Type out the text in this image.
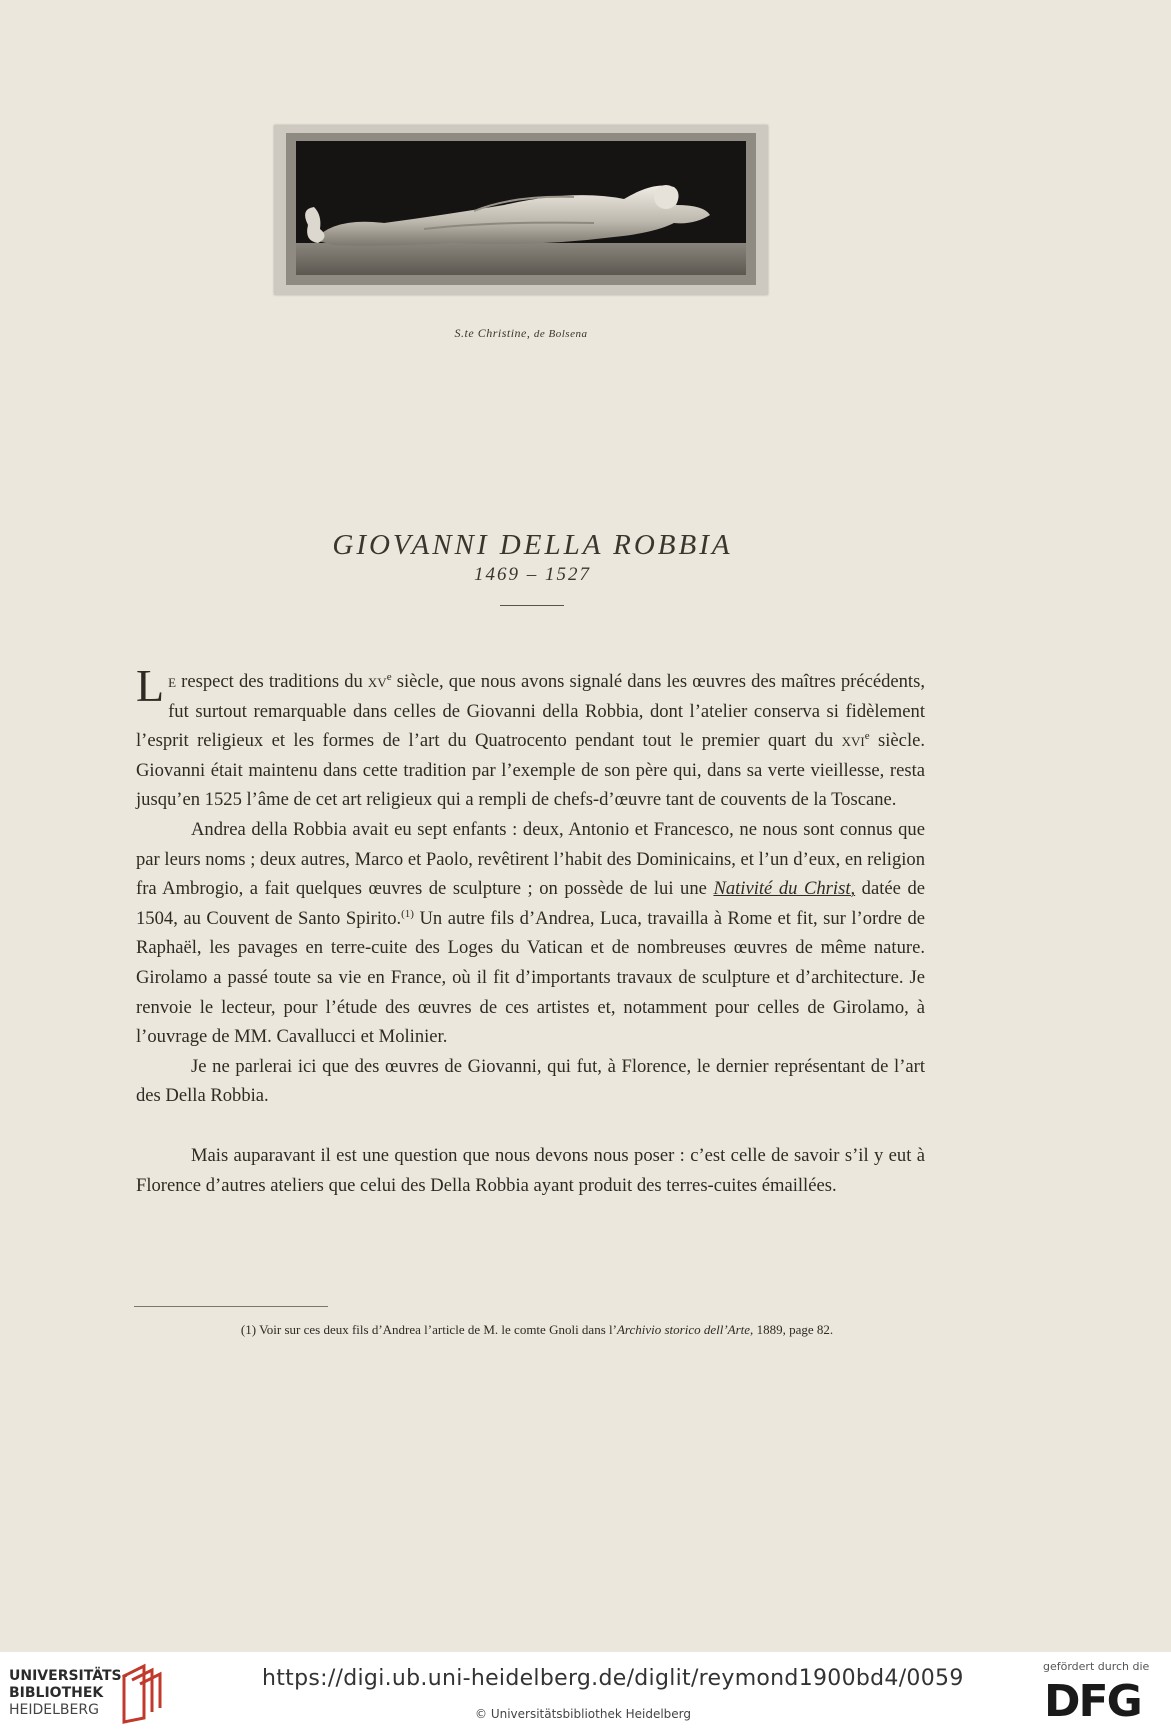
S.te Christine, de Bolsena
GIOVANNI DELLA ROBBIA
1469 – 1527

Le respect des traditions du $xv^e$ siècle, que nous avons signalé dans les œuvres des maîtres précédents, fut surtout remarquable dans celles de Giovanni della Robbia, dont l’atelier conserva si fidèlement l’esprit religieux et les formes de l’art du Quatrocento pendant tout le premier quart du xvi$^e$ siècle. Giovanni était maintenu dans cette tradition par l’exemple de son père qui, dans sa verte vieillesse, resta jusqu’en 1525 l’âme de cet art religieux qui a rempli de chefs-d’œuvre tant de couvents de la Toscane.

Andrea della Robbia avait eu sept enfants : deux, Antonio et Francesco, ne nous sont connus que par leurs noms ; deux autres, Marco et Paolo, revêtirent l’habit des Dominicains, et l’un d’eux, en religion fra Ambrogio, a fait quelques œuvres de sculpture ; on possède de lui une Nativité du Christ, datée de 1504, au Couvent de Santo Spirito.$^{(1)}$ Un autre fils d’Andrea, Luca, travailla à Rome et fit, sur l’ordre de Raphaël, les pavages en terre-cuite des Loges du Vatican et de nombreuses œuvres de même nature. Girolamo a passé toute sa vie en France, où il fit d’importants travaux de sculpture et d’architecture. Je renvoie le lecteur, pour l’étude des œuvres de ces artistes et, notamment pour celles de Girolamo, à l’ouvrage de MM. Cavallucci et Molinier.

Je ne parlerai ici que des œuvres de Giovanni, qui fut, à Florence, le dernier représentant de l’art des Della Robbia.

Mais auparavant il est une question que nous devons nous poser : c’est celle de savoir s’il y eut à Florence d’autres ateliers que celui des Della Robbia ayant produit des terres-cuites émaillées.

(1) Voir sur ces deux fils d’Andrea l’article de M. le comte Gnoli dans l’Archivio storico dell’Arte, 1889, page 82.
UNIVERSITÄTS-
BIBLIOTHEK
HEIDELBERG
https://digi.ub.uni-heidelberg.de/diglit/reymond1900bd4/0059
© Universitätsbibliothek Heidelberg
gefördert durch die
DFG
